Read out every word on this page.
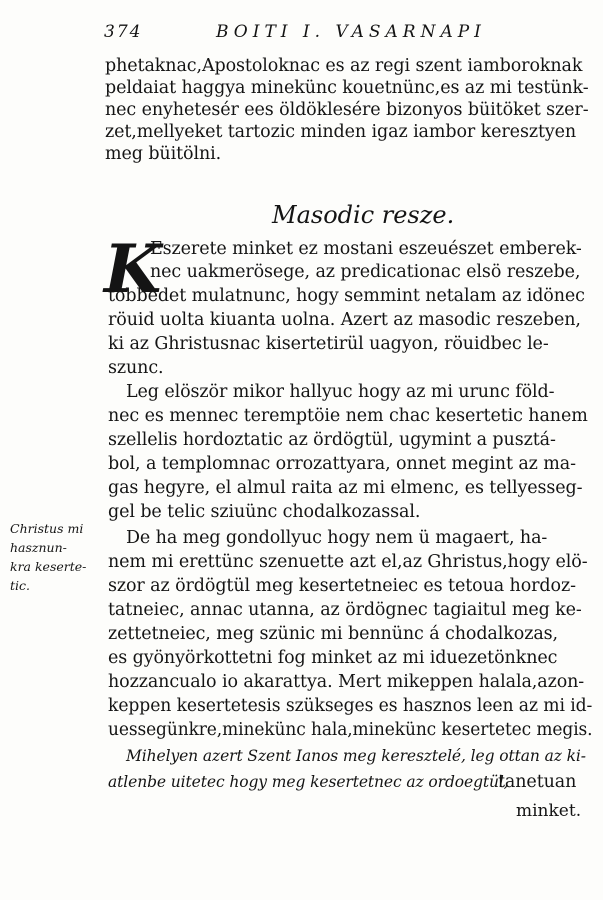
374	BOITI I. VASARNAPI
phetaknac,Apostoloknac es az regi szent iamboroknak
peldaiat haggya minekünc kouetnünc,es az mi testünk-
nec enyhetesér ees öldöklesére bizonyos büitöket szer-
zet,mellyeket tartozic minden igaz iambor keresztyen
meg büitölni.
Masodic resze.
K
Eszerete minket ez mostani eszeuészet emberek-
nec uakmerösege, az predicationac elsö reszebe,
tobbedet mulatnunc, hogy semmint netalam az idönec
röuid uolta kiuanta uolna. Azert az masodic reszeben,
ki az Ghristusnac kisertetirül uagyon, röuidbec le-
szunc.
Leg elöször mikor hallyuc hogy az mi urunc föld-
nec es mennec teremptöie nem chac kesertetic hanem
szellelis hordoztatic az ördögtül, ugymint a pusztá-
bol, a templomnac orrozattyara, onnet megint az ma-
gas hegyre, el almul raita az mi elmenc, es tellyesseg-
gel be telic sziuünc chodalkozassal.
Christus mi
hasznun-
kra keserte-
tic.
De ha meg gondollyuc hogy nem ü magaert, ha-
nem mi erettünc szenuette azt el,az Ghristus,hogy elö-
szor az ördögtül meg kesertetneiec es tetoua hordoz-
tatneiec, annac utanna, az ördögnec tagiaitul meg ke-
zettetneiec, meg szünic mi bennünc á chodalkozas,
es gyönyörkottetni fog minket az mi iduezetönknec
hozzancualo io akarattya. Mert mikeppen halala,azon-
keppen kesertetesis szükseges es hasznos leen az mi id-
uessegünkre,minekünc hala,minekünc kesertetec megis.
Mihelyen azert Szent Ianos meg keresztelé, leg ottan az ki-
atlenbe uitetec hogy meg kesertetnec az ordoegtül,
tanetuan
minket.
